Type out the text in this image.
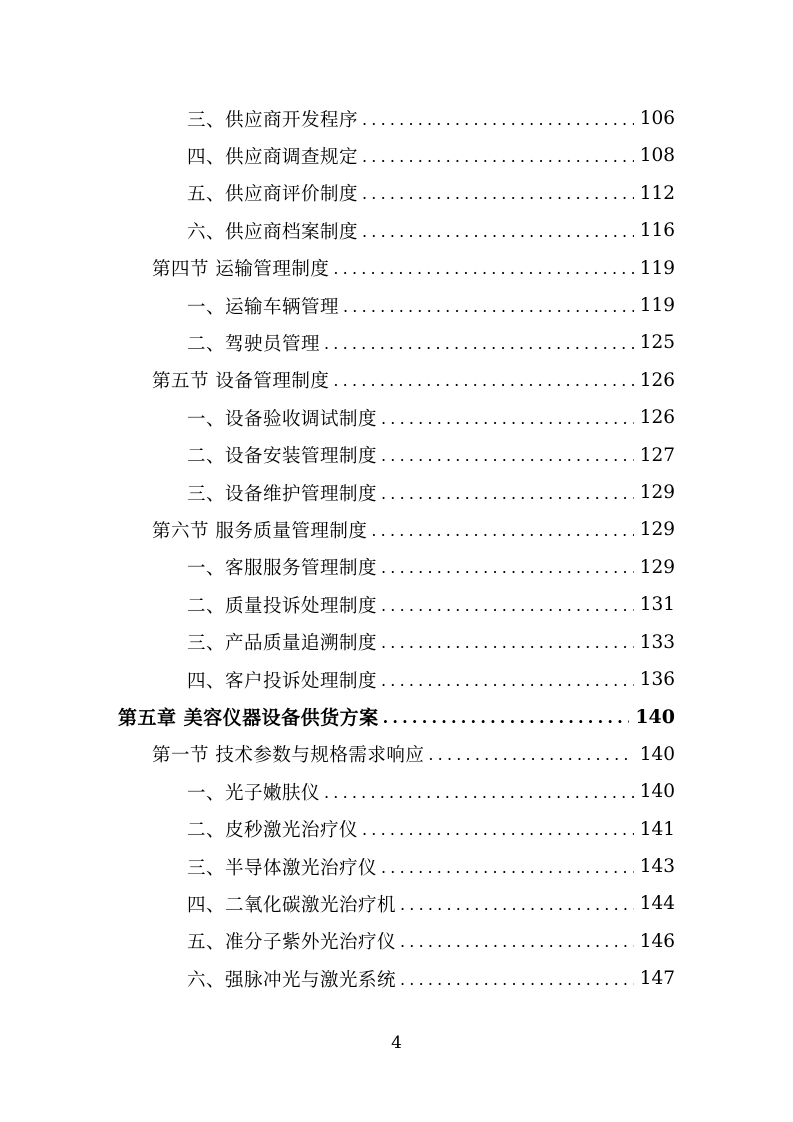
三、供应商开发程序 .....	106
四、供应商调查规定 .....	108
五、供应商评价制度 .....	112
六、供应商档案制度 .....	116
第四节 运输管理制度 .....	119
一、运输车辆管理 .....	119
二、驾驶员管理 .....	125
第五节 设备管理制度 .....	126
一、设备验收调试制度 .....	126
二、设备安装管理制度 .....	127
三、设备维护管理制度 .....	129
第六节 服务质量管理制度 .....	129
一、客服服务管理制度 .....	129
二、质量投诉处理制度 .....	131
三、产品质量追溯制度 .....	133
四、客户投诉处理制度 .....	136
第五章 美容仪器设备供货方案 .....	140
第一节 技术参数与规格需求响应 .....	140
一、光子嫩肤仪 .....	140
二、皮秒激光治疗仪 .....	141
三、半导体激光治疗仪 .....	143
四、二氧化碳激光治疗机 .....	144
五、准分子紫外光治疗仪 .....	146
六、强脉冲光与激光系统 .....	147
4
